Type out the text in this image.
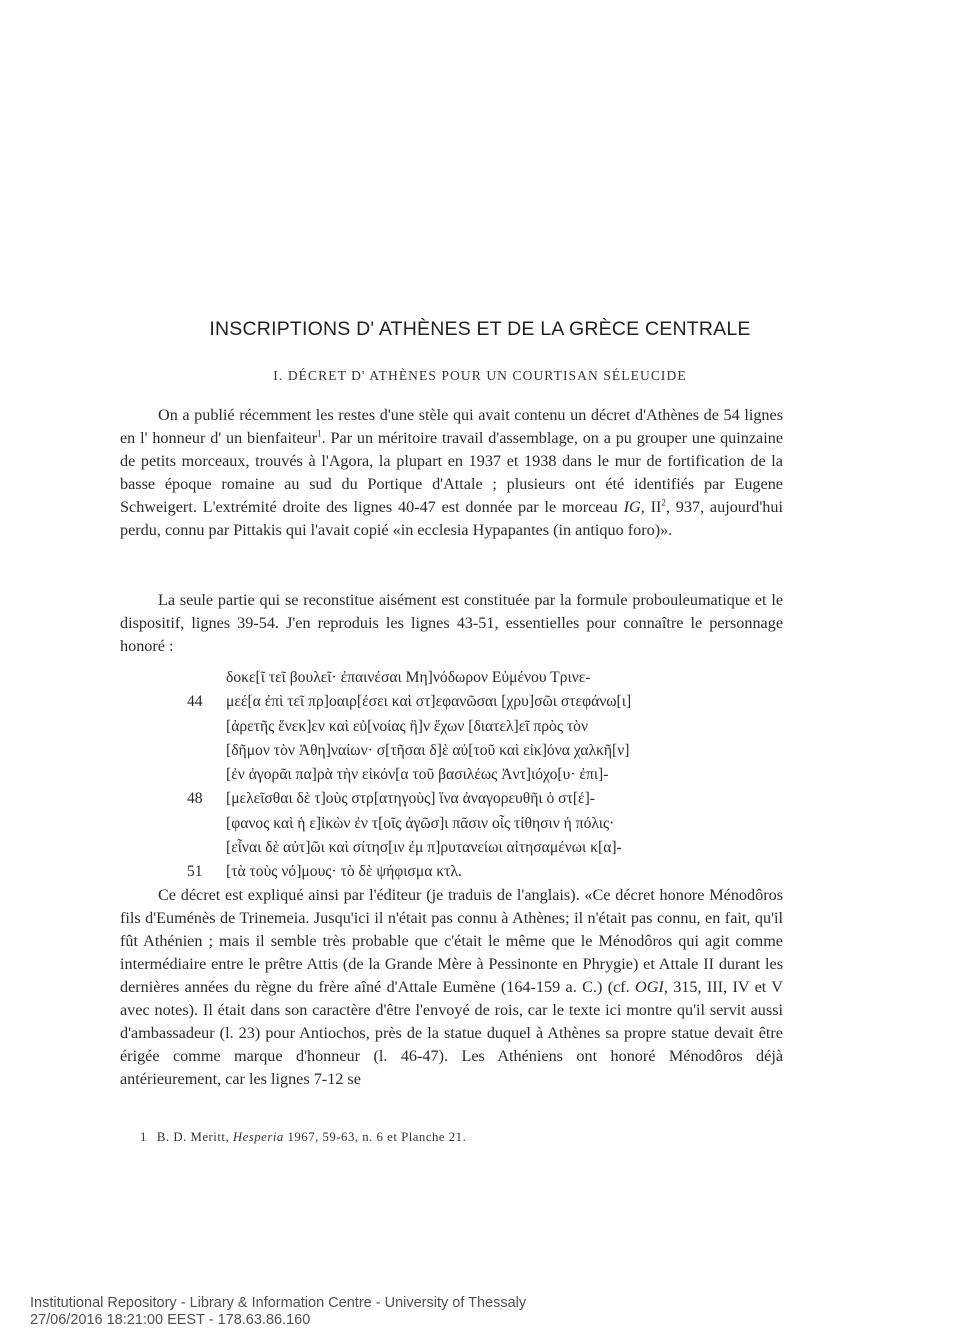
INSCRIPTIONS D' ATHÈNES ET DE LA GRÈCE CENTRALE
I. DÉCRET D' ATHÈNES POUR UN COURTISAN SÉLEUCIDE

On a publié récemment les restes d'une stèle qui avait contenu un décret d'Athènes de 54 lignes en l' honneur d' un bienfaiteur$^1$. Par un méritoire travail d'assemblage, on a pu grouper une quinzaine de petits morceaux, trouvés à l'Agora, la plupart en 1937 et 1938 dans le mur de fortification de la basse époque romaine au sud du Portique d'Attale ; plusieurs ont été identifiés par Eugene Schweigert. L'extrémité droite des lignes 40-47 est donnée par le morceau IG, $II^2$, 937, aujourd'hui perdu, connu par Pittakis qui l'avait copié «in ecclesia Hypapantes (in antiquo foro)».

La seule partie qui se reconstitue aisément est constituée par la formule probouleumatique et le dispositif, lignes 39-54. J'en reproduis les lignes 43-51, essentielles pour connaître le personnage honoré :

δοκε[ῖ τεῖ βουλεῖ· ἐπαινέσαι Μη]νόδωρον Εὐμένου Τρινε-
44	μεέ[α ἐπὶ τεῖ πρ]οαιρ[έσει καὶ στ]εφανῶσαι [χρυ]σῶι στεφάνω[ι]
[ἀρετῆς ἕνεκ]εν καὶ εὐ[νοίας ἣ]ν ἔχων [διατελ]εῖ πρὸς τὸν
[δῆμον τὸν Ἀθη]ναίων· σ[τῆσαι δ]ὲ αὐ[τοῦ καὶ εἰκ]όνα χαλκῆ[ν]
[ἐν ἀγορᾶι πα]ρὰ τὴν εἰκόν[α τοῦ βασιλέως Ἀντ]ιόχο[υ· ἐπι]-
48	[μελεῖσθαι δὲ τ]οὺς στρ[ατηγοὺς] ἵνα ἀναγορευθῆι ὁ στ[έ]-
[φανος καὶ ἡ ε]ἰκὼν ἐν τ[οῖς ἀγῶσ]ι πᾶσιν οἷς τίθησιν ἡ πόλις·
[εἶναι δὲ αὐτ]ῶι καὶ σίτησ[ιν ἐμ π]ρυτανείωι αἰτησαμένωι κ[α]-
51	[τὰ τοὺς νό]μους· τὸ δὲ ψήφισμα κτλ.

Ce décret est expliqué ainsi par l'éditeur (je traduis de l'anglais). «Ce décret honore Ménodôros fils d'Euménès de Trinemeia. Jusqu'ici il n'était pas connu à Athènes; il n'était pas connu, en fait, qu'il fût Athénien ; mais il semble très probable que c'était le même que le Ménodôros qui agit comme intermédiaire entre le prêtre Attis (de la Grande Mère à Pessinonte en Phrygie) et Attale II durant les dernières années du règne du frère aîné d'Attale Eumène (164-159 a. C.) (cf. OGI, 315, III, IV et V avec notes). Il était dans son caractère d'être l'envoyé de rois, car le texte ici montre qu'il servit aussi d'ambassadeur (l. 23) pour Antiochos, près de la statue duquel à Athènes sa propre statue devait être érigée comme marque d'honneur (l. 46-47). Les Athéniens ont honoré Ménodôros déjà antérieurement, car les lignes 7-12 se

1 B. D. Meritt, Hesperia 1967, 59-63, n. 6 et Planche 21.
Institutional Repository - Library & Information Centre - University of Thessaly
27/06/2016 18:21:00 EEST - 178.63.86.160
